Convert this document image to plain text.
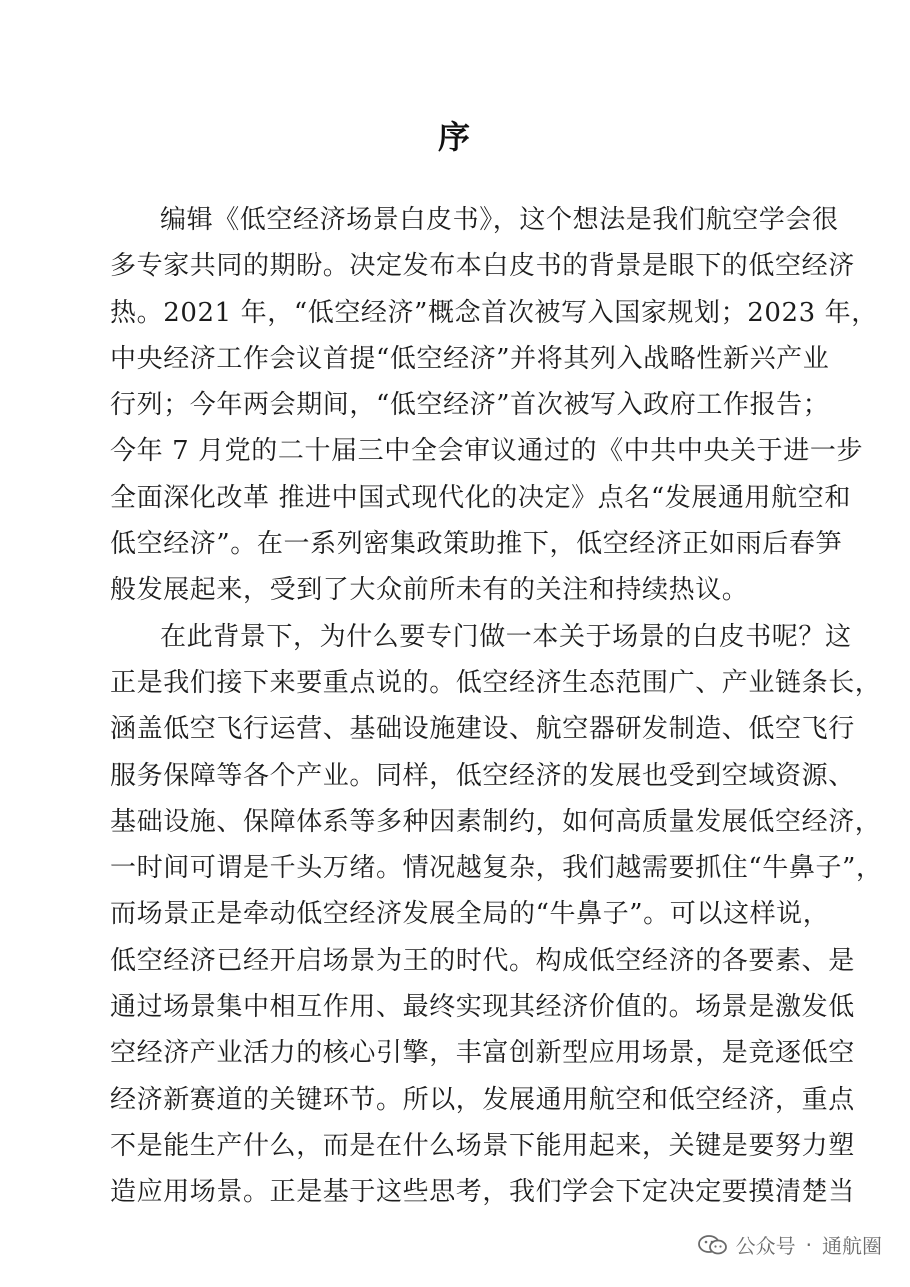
序
编辑《低空经济场景白皮书》，这个想法是我们航空学会很
多专家共同的期盼。决定发布本白皮书的背景是眼下的低空经济
热。2021 年，“低空经济”概念首次被写入国家规划；2023 年，
中央经济工作会议首提“低空经济”并将其列入战略性新兴产业
行列；今年两会期间，“低空经济”首次被写入政府工作报告；
今年 7 月党的二十届三中全会审议通过的《中共中央关于进一步
全面深化改革 推进中国式现代化的决定》点名“发展通用航空和
低空经济”。在一系列密集政策助推下，低空经济正如雨后春笋
般发展起来，受到了大众前所未有的关注和持续热议。
在此背景下，为什么要专门做一本关于场景的白皮书呢？这
正是我们接下来要重点说的。低空经济生态范围广、产业链条长，
涵盖低空飞行运营、基础设施建设、航空器研发制造、低空飞行
服务保障等各个产业。同样，低空经济的发展也受到空域资源、
基础设施、保障体系等多种因素制约，如何高质量发展低空经济，
一时间可谓是千头万绪。情况越复杂，我们越需要抓住“牛鼻子”，
而场景正是牵动低空经济发展全局的“牛鼻子”。可以这样说，
低空经济已经开启场景为王的时代。构成低空经济的各要素、是
通过场景集中相互作用、最终实现其经济价值的。场景是激发低
空经济产业活力的核心引擎，丰富创新型应用场景，是竞逐低空
经济新赛道的关键环节。所以，发展通用航空和低空经济，重点
不是能生产什么，而是在什么场景下能用起来，关键是要努力塑
造应用场景。正是基于这些思考，我们学会下定决定要摸清楚当
公众号 · 通航圈
